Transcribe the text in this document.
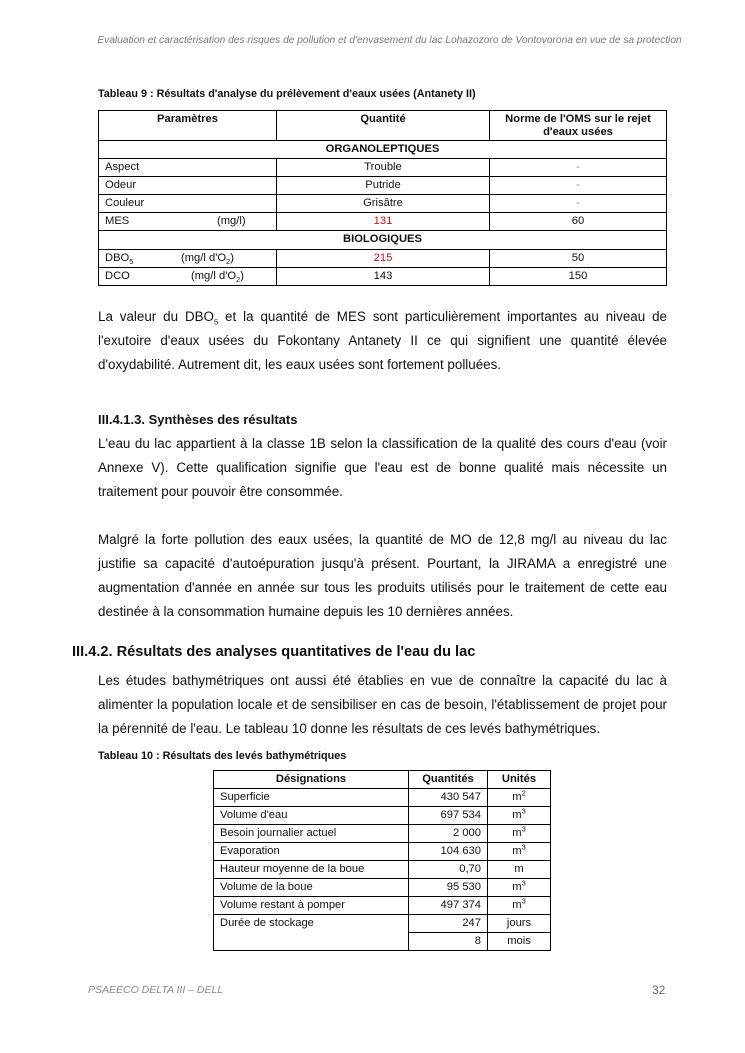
Evaluation et caractérisation des risques de pollution et d'envasement du lac Lohazozoro de Vontovorona en vue de sa protection
Tableau 9 : Résultats d'analyse du prélèvement d'eaux usées (Antanety II)
Paramètres	Quantité	Norme de l'OMS sur le rejet d'eaux usées
ORGANOLEPTIQUES		
Aspect	Trouble	-
Odeur	Putride	-
Couleur	Grisâtre	-
MES (mg/l)	131	60
BIOLOGIQUES		
$DBO_5$ (mg/l $d'O_2$)	215	50
DCO (mg/l $d'O_2$)	143	150
La valeur du $DBO_5$ et la quantité de MES sont particulièrement importantes au niveau de l'exutoire d'eaux usées du Fokontany Antanety II ce qui signifient une quantité élevée d'oxydabilité. Autrement dit, les eaux usées sont fortement polluées.
III.4.1.3. Synthèses des résultats
L'eau du lac appartient à la classe 1B selon la classification de la qualité des cours d'eau (voir Annexe V). Cette qualification signifie que l'eau est de bonne qualité mais nécessite un traitement pour pouvoir être consommée.
Malgré la forte pollution des eaux usées, la quantité de MO de 12,8 mg/l au niveau du lac justifie sa capacité d'autoépuration jusqu'à présent. Pourtant, la JIRAMA a enregistré une augmentation d'année en année sur tous les produits utilisés pour le traitement de cette eau destinée à la consommation humaine depuis les 10 dernières années.
III.4.2. Résultats des analyses quantitatives de l'eau du lac
Les études bathymétriques ont aussi été établies en vue de connaître la capacité du lac à alimenter la population locale et de sensibiliser en cas de besoin, l'établissement de projet pour la pérennité de l'eau. Le tableau 10 donne les résultats de ces levés bathymétriques.
Tableau 10 : Résultats des levés bathymétriques
Désignations	Quantités	Unités
Superficie	430 547	$m^2$
Volume d'eau	697 534	$m^3$
Besoin journalier actuel	2 000	$m^3$
Evaporation	104 630	$m^3$
Hauteur moyenne de la boue	0,70	m
Volume de la boue	95 530	$m^3$
Volume restant à pomper	497 374	$m^3$
Durée de stockage	247	jours
	8	mois
PSAEECO DELTA III – DELL	32
